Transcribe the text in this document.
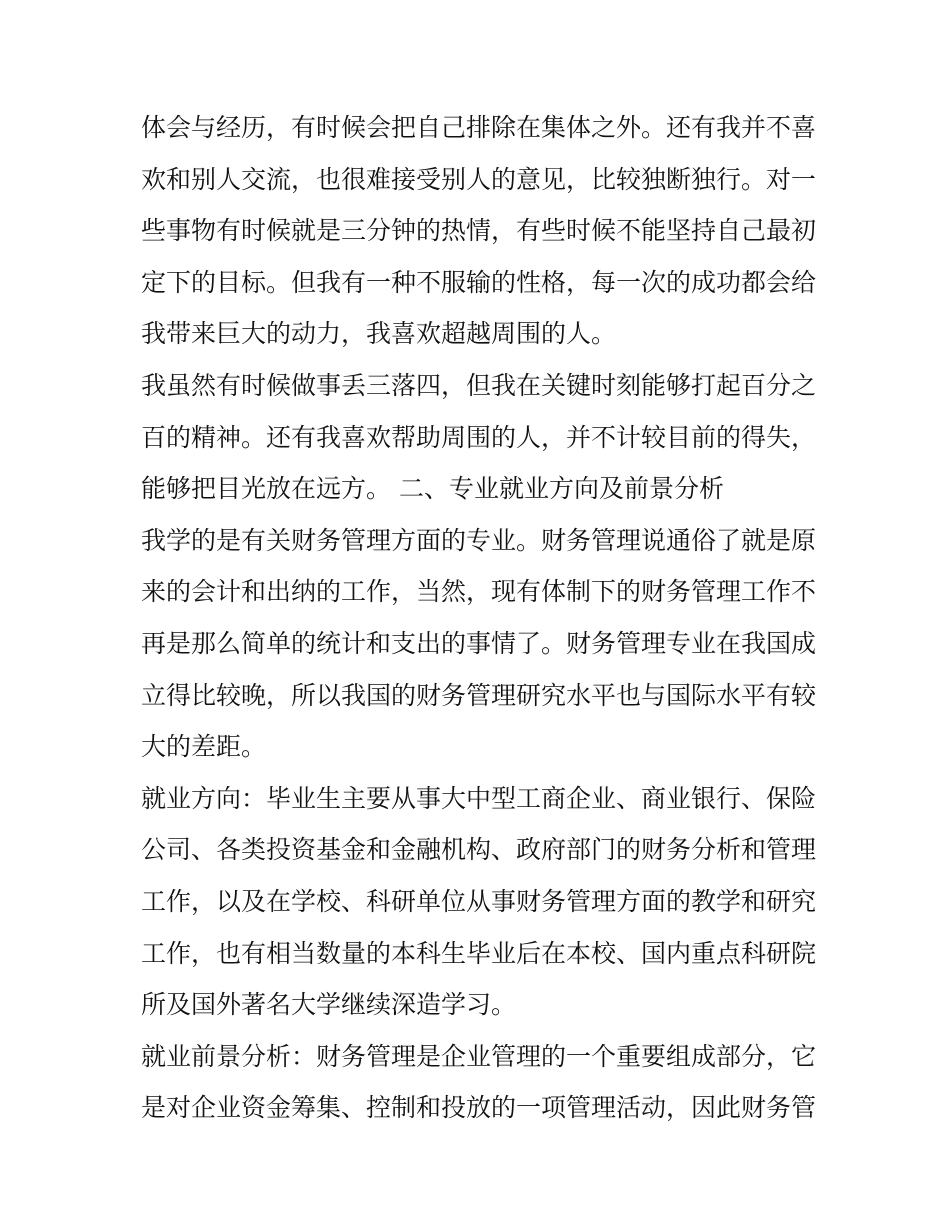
体会与经历，有时候会把自己排除在集体之外。还有我并不喜
欢和别人交流，也很难接受别人的意见，比较独断独行。对一
些事物有时候就是三分钟的热情，有些时候不能坚持自己最初
定下的目标。但我有一种不服输的性格，每一次的成功都会给
我带来巨大的动力，我喜欢超越周围的人。
我虽然有时候做事丢三落四，但我在关键时刻能够打起百分之
百的精神。还有我喜欢帮助周围的人，并不计较目前的得失，
能够把目光放在远方。 二、专业就业方向及前景分析
我学的是有关财务管理方面的专业。财务管理说通俗了就是原
来的会计和出纳的工作，当然，现有体制下的财务管理工作不
再是那么简单的统计和支出的事情了。财务管理专业在我国成
立得比较晚，所以我国的财务管理研究水平也与国际水平有较
大的差距。
就业方向：毕业生主要从事大中型工商企业、商业银行、保险
公司、各类投资基金和金融机构、政府部门的财务分析和管理
工作，以及在学校、科研单位从事财务管理方面的教学和研究
工作，也有相当数量的本科生毕业后在本校、国内重点科研院
所及国外著名大学继续深造学习。
就业前景分析：财务管理是企业管理的一个重要组成部分，它
是对企业资金筹集、控制和投放的一项管理活动，因此财务管
